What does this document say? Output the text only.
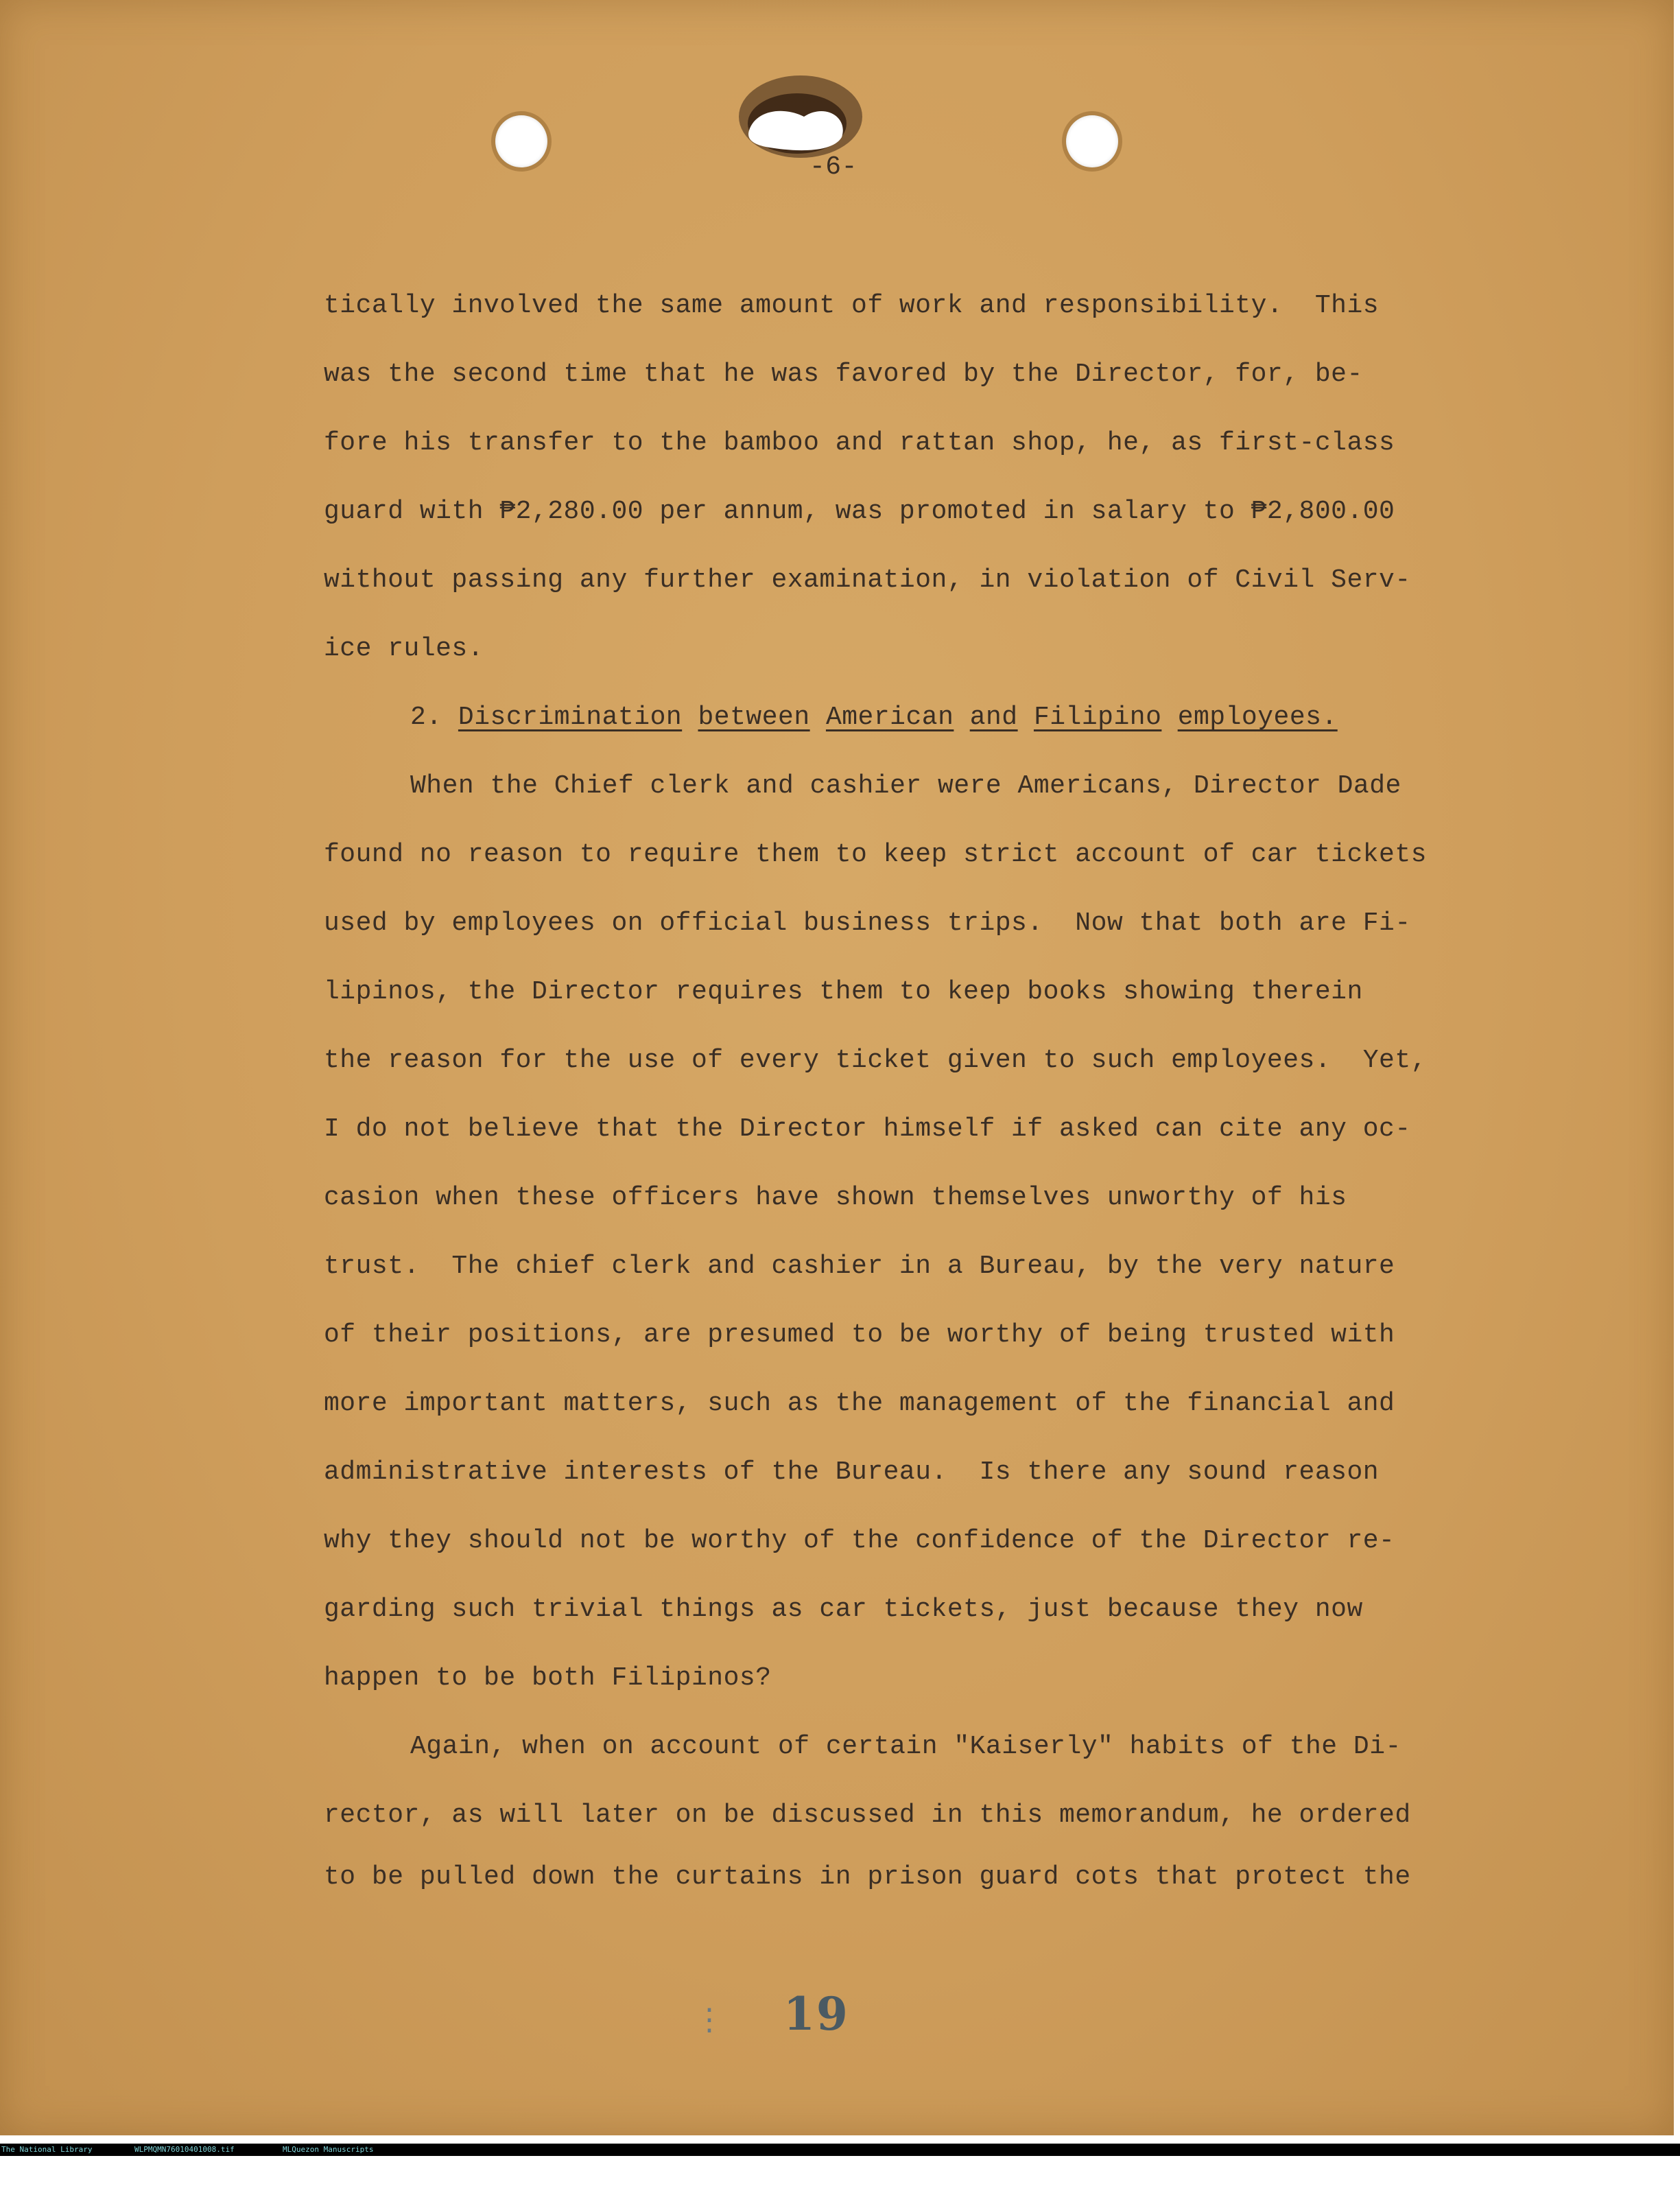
-6-
tically involved the same amount of work and responsibility.  This
was the second time that he was favored by the Director, for, be-
fore his transfer to the bamboo and rattan shop, he, as first-class
guard with ₱2,280.00 per annum, was promoted in salary to ₱2,800.00
without passing any further examination, in violation of Civil Serv-
ice rules.
2. Discrimination between American and Filipino employees.
When the Chief clerk and cashier were Americans, Director Dade
found no reason to require them to keep strict account of car tickets
used by employees on official business trips.  Now that both are Fi-
lipinos, the Director requires them to keep books showing therein
the reason for the use of every ticket given to such employees.  Yet,
I do not believe that the Director himself if asked can cite any oc-
casion when these officers have shown themselves unworthy of his
trust.  The chief clerk and cashier in a Bureau, by the very nature
of their positions, are presumed to be worthy of being trusted with
more important matters, such as the management of the financial and
administrative interests of the Bureau.  Is there any sound reason
why they should not be worthy of the confidence of the Director re-
garding such trivial things as car tickets, just because they now
happen to be both Filipinos?
Again, when on account of certain "Kaiserly" habits of the Di-
rector, as will later on be discussed in this memorandum, he ordered
to be pulled down the curtains in prison guard cots that protect the
⋮ 19

The National Library

	WLPMQMN76010401008.tif

	MLQuezon Manuscripts
